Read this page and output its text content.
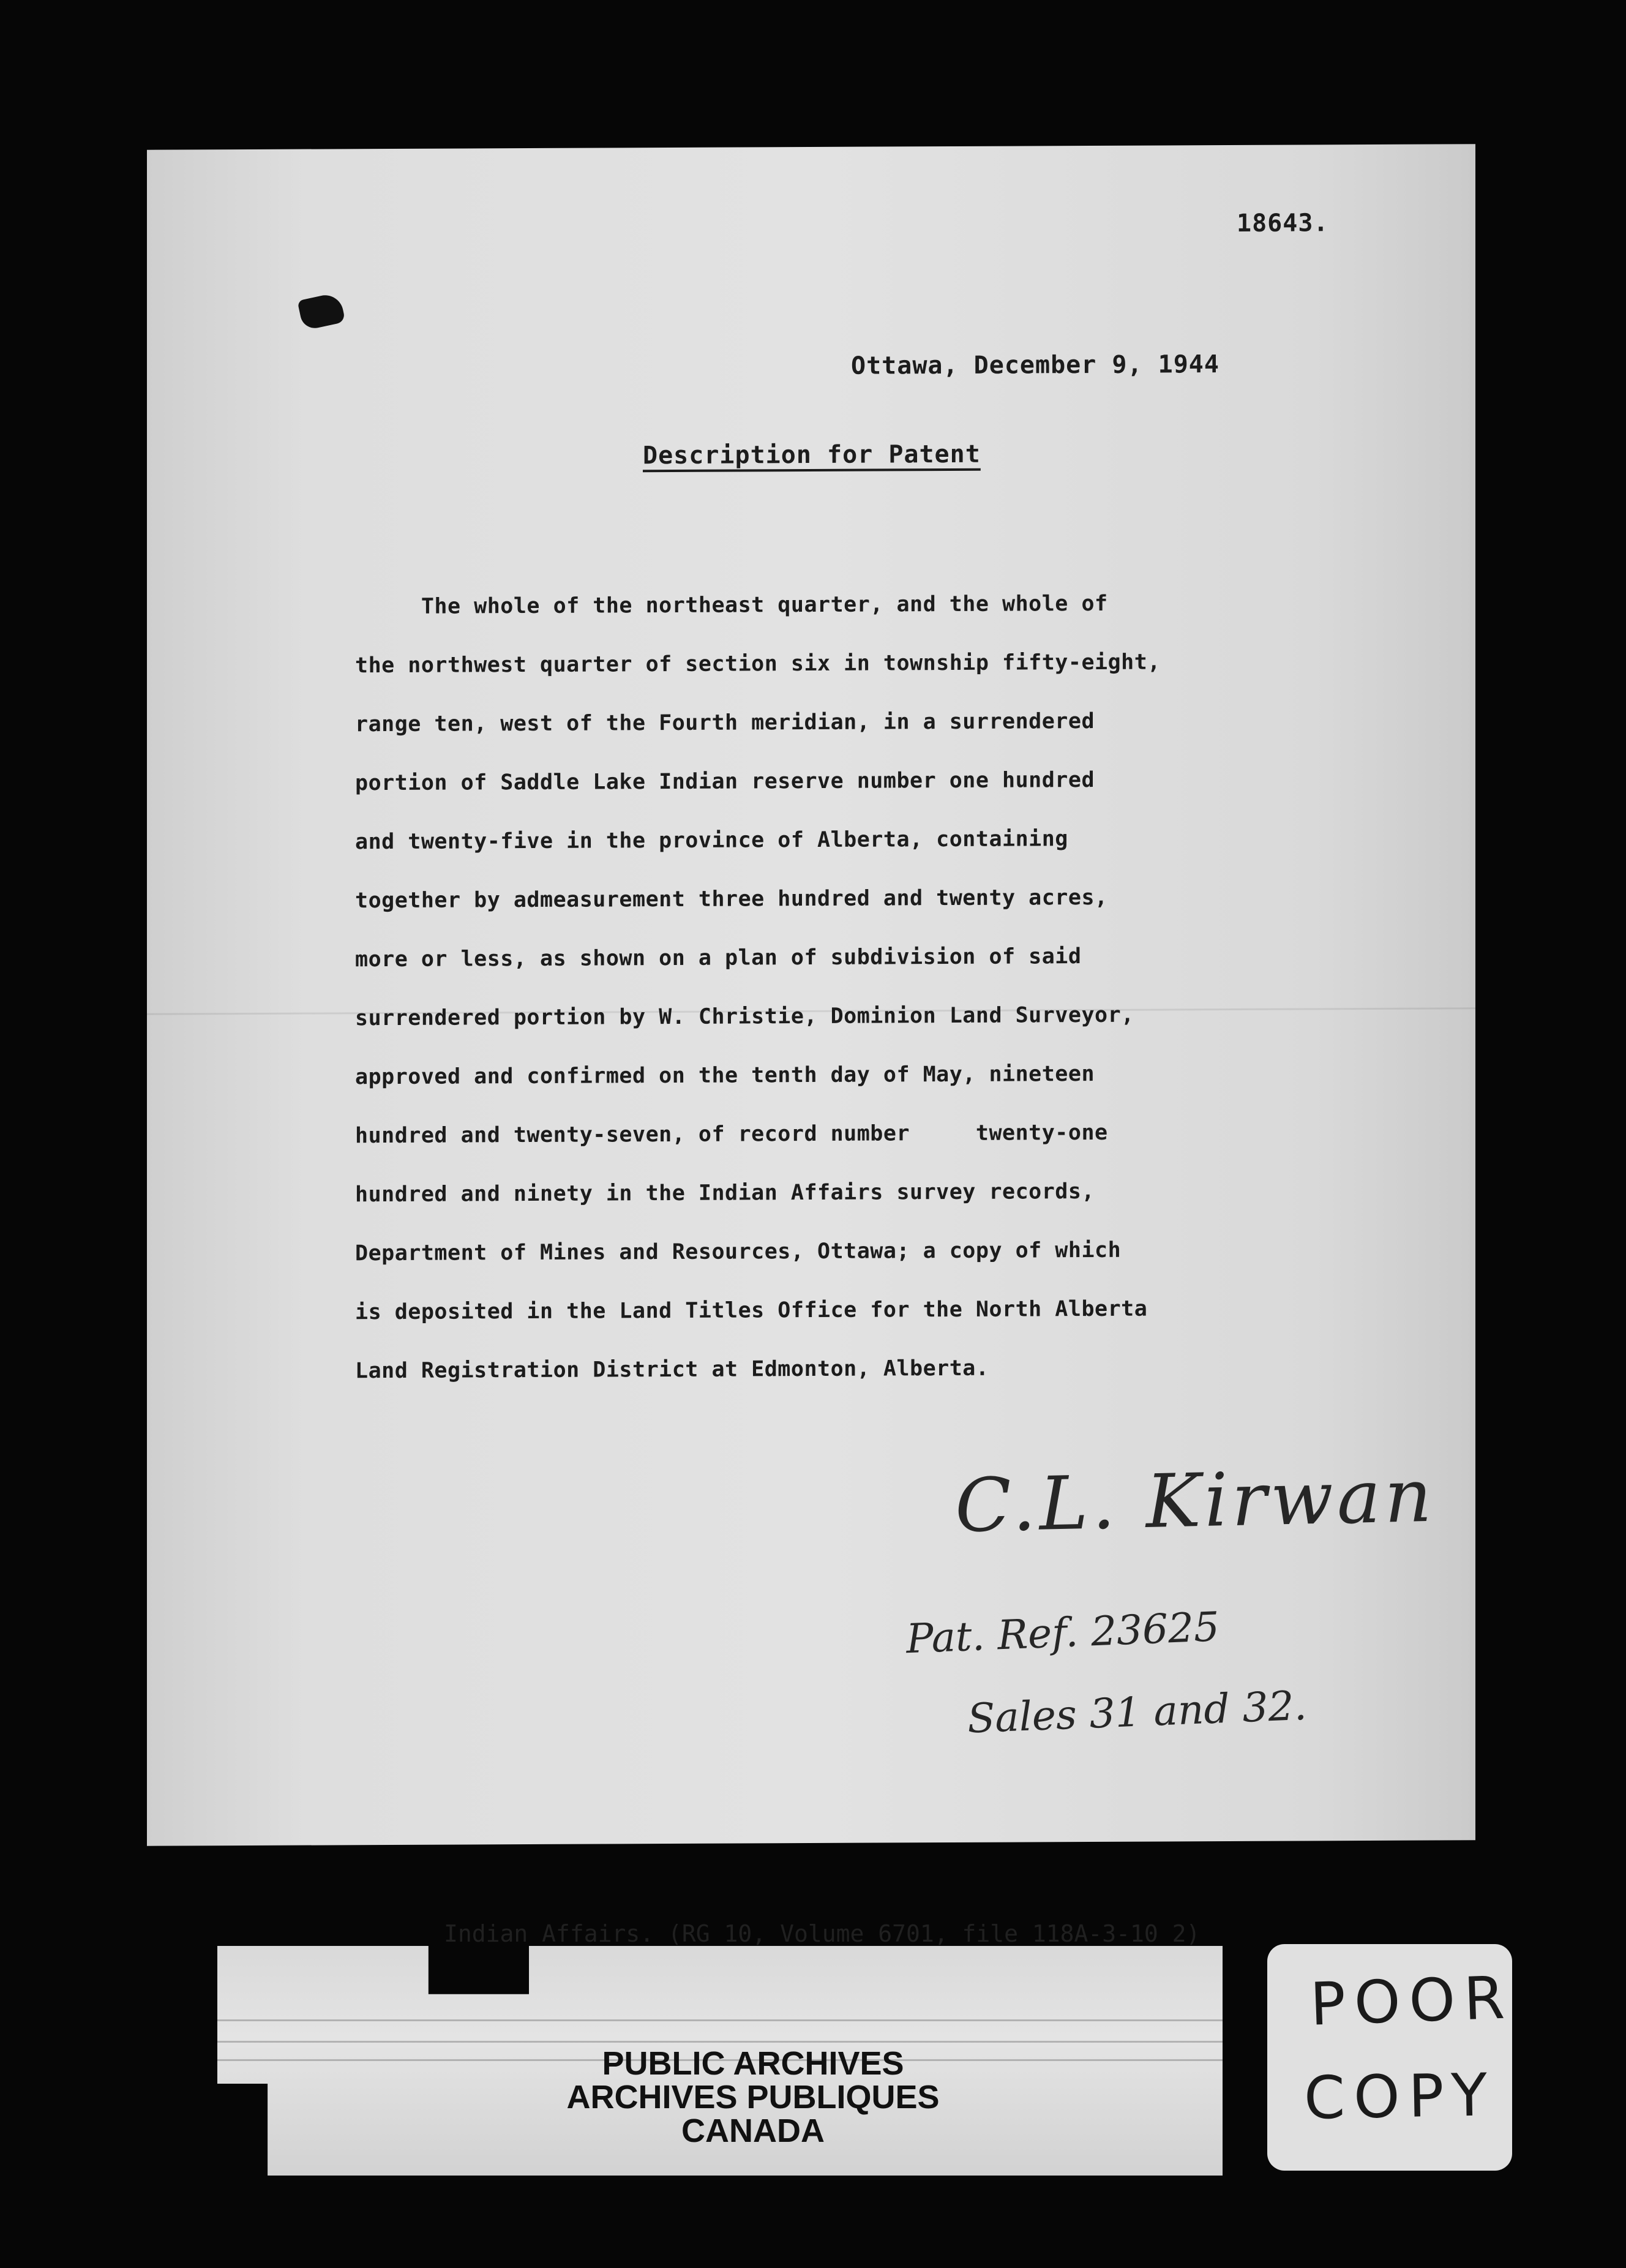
18643.
Ottawa, December 9, 1944
Description for Patent
The whole of the northeast quarter, and the whole of
the northwest quarter of section six in township fifty-eight,
range ten, west of the Fourth meridian, in a surrendered
portion of Saddle Lake Indian reserve number one hundred
and twenty-five in the province of Alberta, containing
together by admeasurement three hundred and twenty acres,
more or less, as shown on a plan of subdivision of said
surrendered portion by W. Christie, Dominion Land Surveyor,
approved and confirmed on the tenth day of May, nineteen
hundred and twenty-seven, of record number     twenty-one
hundred and ninety in the Indian Affairs survey records,
Department of Mines and Resources, Ottawa; a copy of which
is deposited in the Land Titles Office for the North Alberta
Land Registration District at Edmonton, Alberta.
C.L. Kirwan
Pat. Ref. 23625
Sales 31 and 32.
Indian Affairs. (RG 10, Volume 6701, file 118A-3-10 2)
PUBLIC ARCHIVES
ARCHIVES PUBLIQUES
CANADA
POOR
COPY
